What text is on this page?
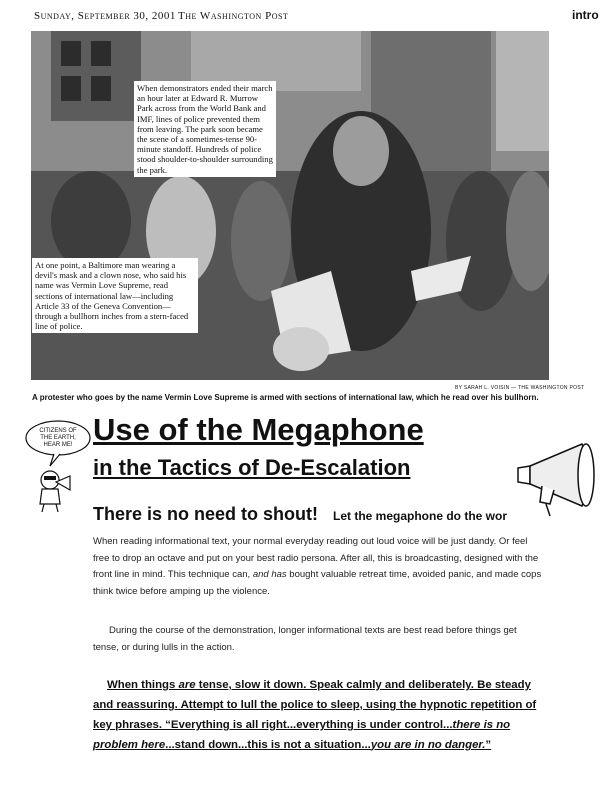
Sunday, September 30, 2001 The Washington Post	intro
When demonstrators ended their march an hour later at Edward R. Murrow Park across from the World Bank and IMF, lines of police prevented them from leaving. The park soon became the scene of a sometimes-tense 90-minute standoff. Hundreds of police stood shoulder-to-shoulder surrounding the park.
At one point, a Baltimore man wearing a devil's mask and a clown nose, who said his name was Vermin Love Supreme, read sections of international law—including Article 33 of the Geneva Convention—through a bullhorn inches from a stern-faced line of police.
BY SARAH L. VOISIN — THE WASHINGTON POST
A protester who goes by the name Vermin Love Supreme is armed with sections of international law, which he read over his bullhorn.
CITIZENS OF
THE EARTH,
HEAR ME! Use of the Megaphone
in the Tactics of De-Escalation
There is no need to shout! Let the megaphone do the wor
When reading informational text, your normal everyday reading out loud voice will be just dandy. Or feel free to drop an octave and put on your best radio persona. After all, this is broadcasting, designed with the front line in mind. This technique can, and has bought valuable retreat time, avoided panic, and made cops think twice before amping up the violence.
During the course of the demonstration, longer informational texts are best read before things get tense, or during lulls in the action.
When things are tense, slow it down. Speak calmly and deliberately. Be steady and reassuring. Attempt to lull the police to sleep, using the hypnotic repetition of key phrases. “Everything is all right...everything is under control...there is no problem here...stand down...this is not a situation...you are in no danger.”
